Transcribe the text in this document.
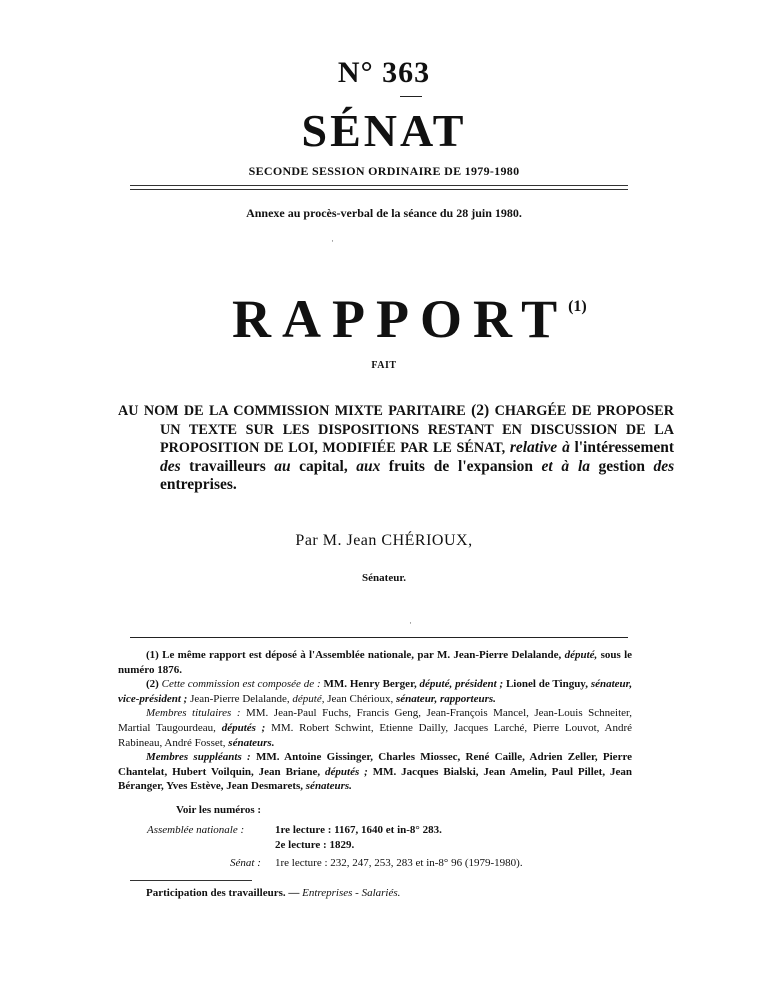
N° 363
SÉNAT
SECONDE SESSION ORDINAIRE DE 1979-1980
Annexe au procès-verbal de la séance du 28 juin 1980.
·
$RAPPORT^{(1)}$
FAIT
AU NOM DE LA COMMISSION MIXTE PARITAIRE (2) CHARGÉE DE PROPOSER UN TEXTE SUR LES DISPOSITIONS RESTANT EN DISCUSSION DE LA PROPOSITION DE LOI, MODIFIÉE PAR LE SÉNAT, relative à l'intéressement des travailleurs au capital, aux fruits de l'expansion et à la gestion des entreprises.
Par M. Jean CHÉRIOUX,
Sénateur.
·

(1) Le même rapport est déposé à l'Assemblée nationale, par M. Jean-Pierre Delalande, député, sous le numéro 1876.

(2) Cette commission est composée de : MM. Henry Berger, député, président ; Lionel de Tinguy, sénateur, vice-président ; Jean-Pierre Delalande, député, Jean Chérioux, sénateur, rapporteurs.

Membres titulaires : MM. Jean-Paul Fuchs, Francis Geng, Jean-François Mancel, Jean-Louis Schneiter, Martial Taugourdeau, députés ; MM. Robert Schwint, Etienne Dailly, Jacques Larché, Pierre Louvot, André Rabineau, André Fosset, sénateurs.

Membres suppléants : MM. Antoine Gissinger, Charles Miossec, René Caille, Adrien Zeller, Pierre Chantelat, Hubert Voilquin, Jean Briane, députés ; MM. Jacques Bialski, Jean Amelin, Paul Pillet, Jean Béranger, Yves Estève, Jean Desmarets, sénateurs.

Voir les numéros :
Assemblée nationale :	1re lecture : 1167, 1640 et in-8° 283.
2e lecture : 1829.
Sénat : 1re lecture : 232, 247, 253, 283 et in-8° 96 (1979-1980).
Participation des travailleurs. — Entreprises - Salariés.
